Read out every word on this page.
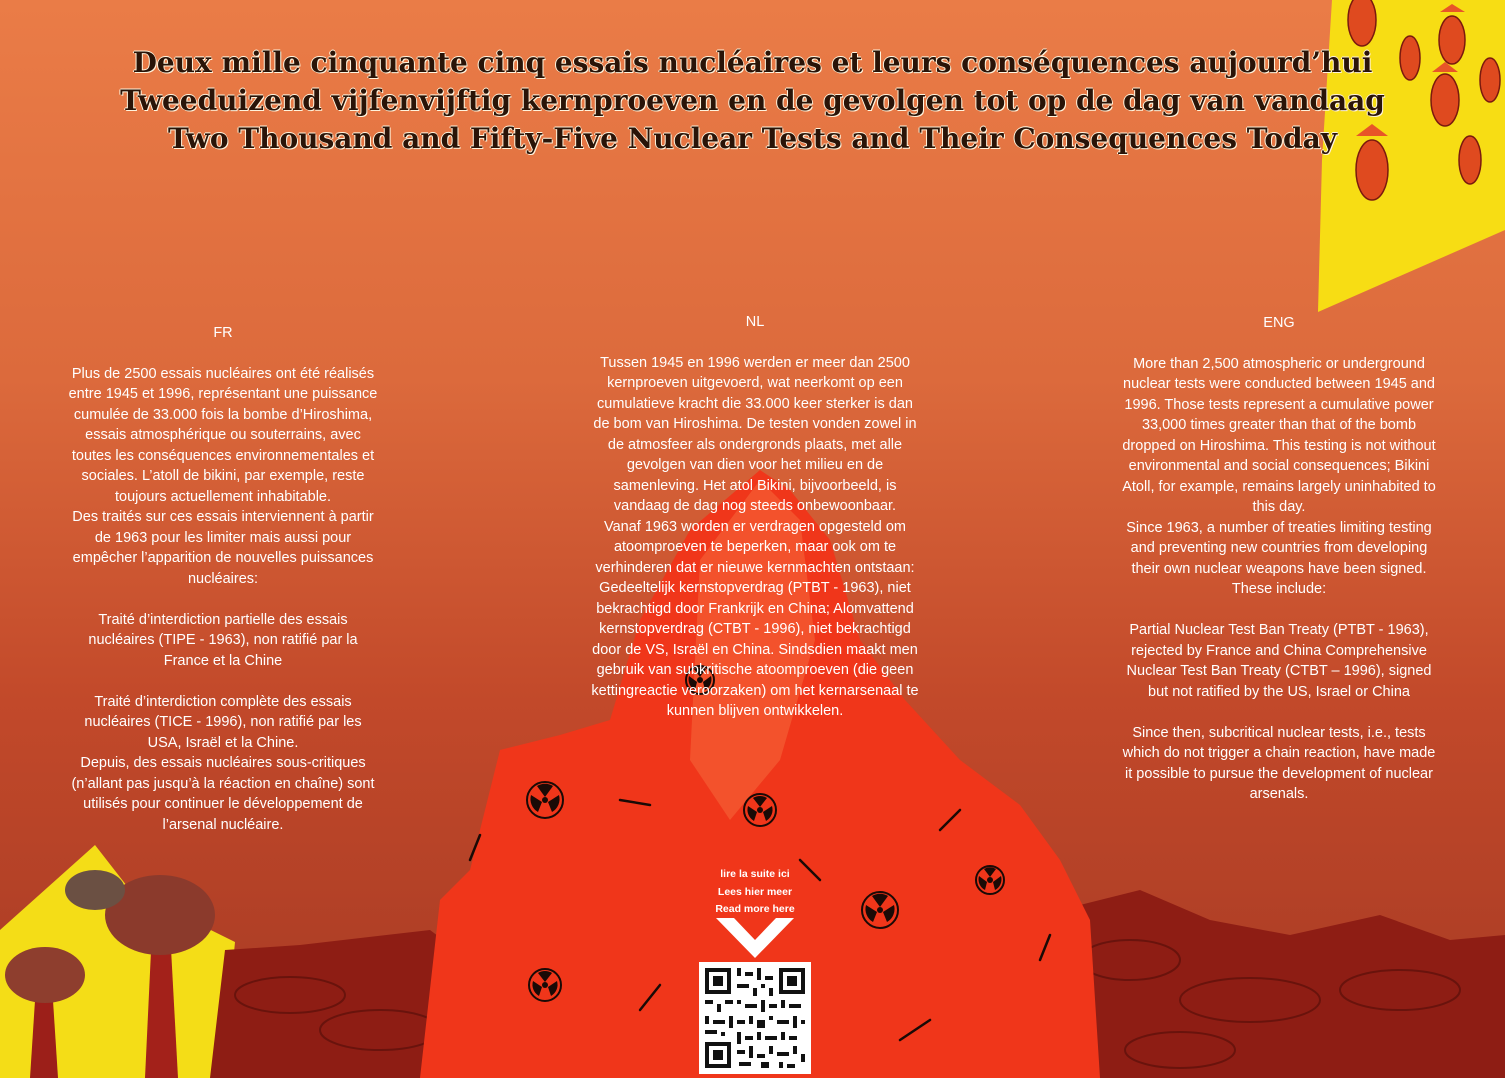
Deux mille cinquante cinq essais nucléaires et leurs conséquences aujourd’hui
Tweeduizend vijfenvijftig kernproeven en de gevolgen tot op de dag van vandaag
Two Thousand and Fifty-Five Nuclear Tests and Their Consequences Today

FR

Plus de 2500 essais nucléaires ont été réalisés entre 1945 et 1996, représentant une puissance cumulée de 33.000 fois la bombe d’Hiroshima, essais atmosphérique ou souterrains, avec toutes les conséquences environnementales et sociales. L’atoll de bikini, par exemple, reste toujours actuellement inhabitable.
Des traités sur ces essais interviennent à partir de 1963 pour les limiter mais aussi pour empêcher l’apparition de nouvelles puissances nucléaires:

Traité d’interdiction partielle des essais nucléaires (TIPE - 1963), non ratifié par la France et la Chine

Traité d’interdiction complète des essais nucléaires (TICE - 1996), non ratifié par les USA, Israël et la Chine.
Depuis, des essais nucléaires sous-critiques (n’allant pas jusqu’à la réaction en chaîne) sont utilisés pour continuer le développement de l’arsenal nucléaire.

NL

Tussen 1945 en 1996 werden er meer dan 2500 kernproeven uitgevoerd, wat neerkomt op een cumulatieve kracht die 33.000 keer sterker is dan de bom van Hiroshima. De testen vonden zowel in de atmosfeer als ondergronds plaats, met alle gevolgen van dien voor het milieu en de samenleving. Het atol Bikini, bijvoorbeeld, is vandaag de dag nog steeds onbewoonbaar.
Vanaf 1963 worden er verdragen opgesteld om atoomproeven te beperken, maar ook om te verhinderen dat er nieuwe kernmachten ontstaan:
Gedeeltelijk kernstopverdrag (PTBT - 1963), niet bekrachtigd door Frankrijk en China; Alomvattend kernstopverdrag (CTBT - 1996), niet bekrachtigd door de VS, Israël en China. Sindsdien maakt men gebruik van subkritische atoomproeven (die geen kettingreactie veroorzaken) om het kernarsenaal te kunnen blijven ontwikkelen.

ENG

More than 2,500 atmospheric or underground nuclear tests were conducted between 1945 and 1996. Those tests represent a cumulative power 33,000 times greater than that of the bomb dropped on Hiroshima. This testing is not without environmental and social consequences; Bikini Atoll, for example, remains largely uninhabited to this day.
Since 1963, a number of treaties limiting testing and preventing new countries from developing their own nuclear weapons have been signed. These include:

Partial Nuclear Test Ban Treaty (PTBT - 1963), rejected by France and China Comprehensive Nuclear Test Ban Treaty (CTBT – 1996), signed but not ratified by the US, Israel or China

Since then, subcritical nuclear tests, i.e., tests which do not trigger a chain reaction, have made it possible to pursue the development of nuclear arsenals.

lire la suite ici
Lees hier meer
Read more here
